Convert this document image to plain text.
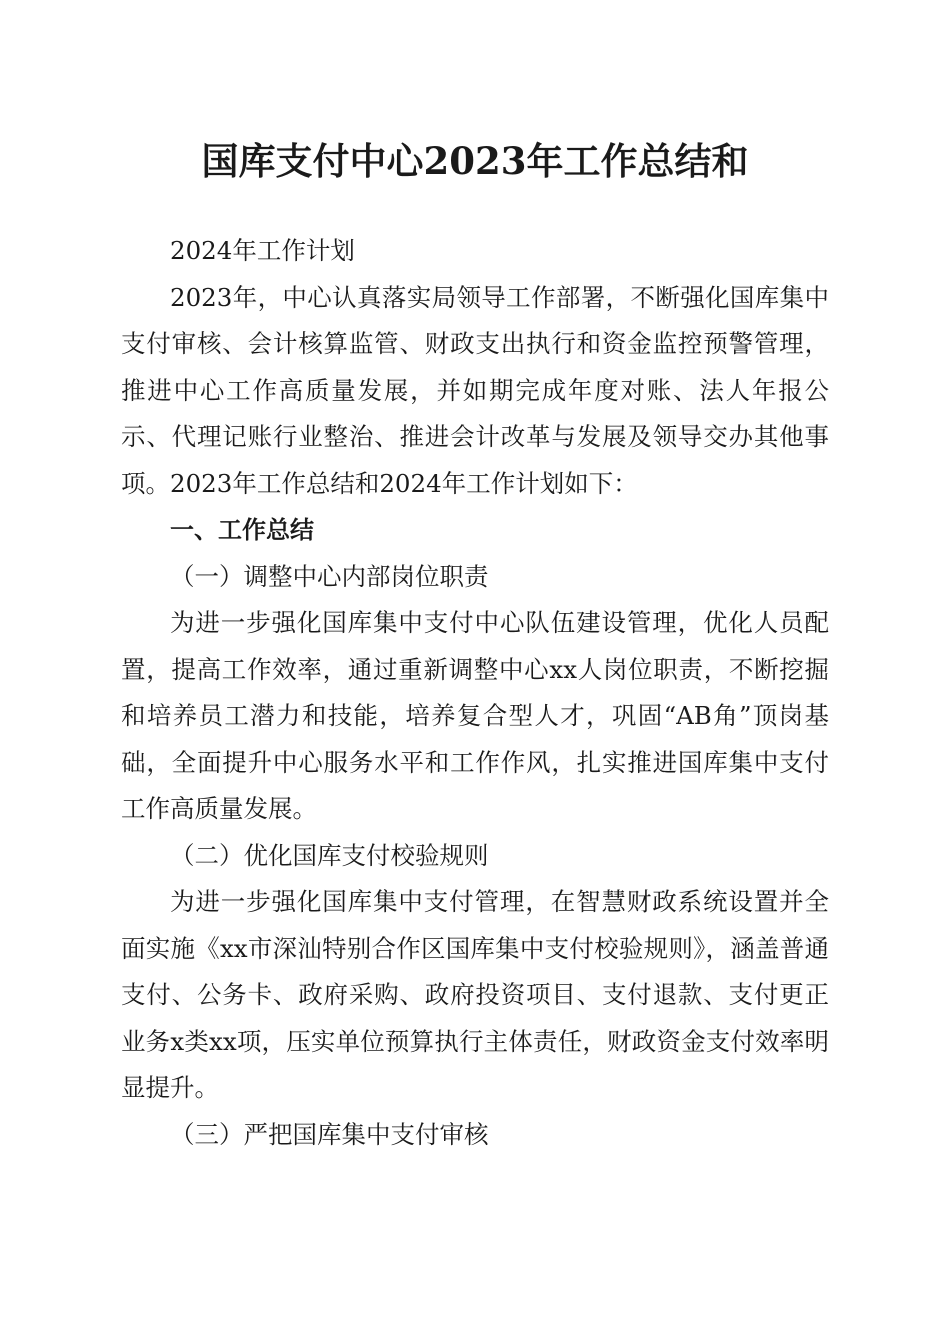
国库支付中心2023年工作总结和

2024年工作计划

2023年，中心认真落实局领导工作部署，不断强化国库集中支付审核、会计核算监管、财政支出执行和资金监控预警管理，推进中心工作高质量发展，并如期完成年度对账、法人年报公示、代理记账行业整治、推进会计改革与发展及领导交办其他事项。2023年工作总结和2024年工作计划如下：

一、工作总结

（一）调整中心内部岗位职责

为进一步强化国库集中支付中心队伍建设管理，优化人员配置，提高工作效率，通过重新调整中心xx人岗位职责，不断挖掘和培养员工潜力和技能，培养复合型人才，巩固“AB角”顶岗基础，全面提升中心服务水平和工作作风，扎实推进国库集中支付工作高质量发展。

（二）优化国库支付校验规则

为进一步强化国库集中支付管理，在智慧财政系统设置并全面实施《xx市深汕特别合作区国库集中支付校验规则》，涵盖普通支付、公务卡、政府采购、政府投资项目、支付退款、支付更正业务x类xx项，压实单位预算执行主体责任，财政资金支付效率明显提升。

（三）严把国库集中支付审核
